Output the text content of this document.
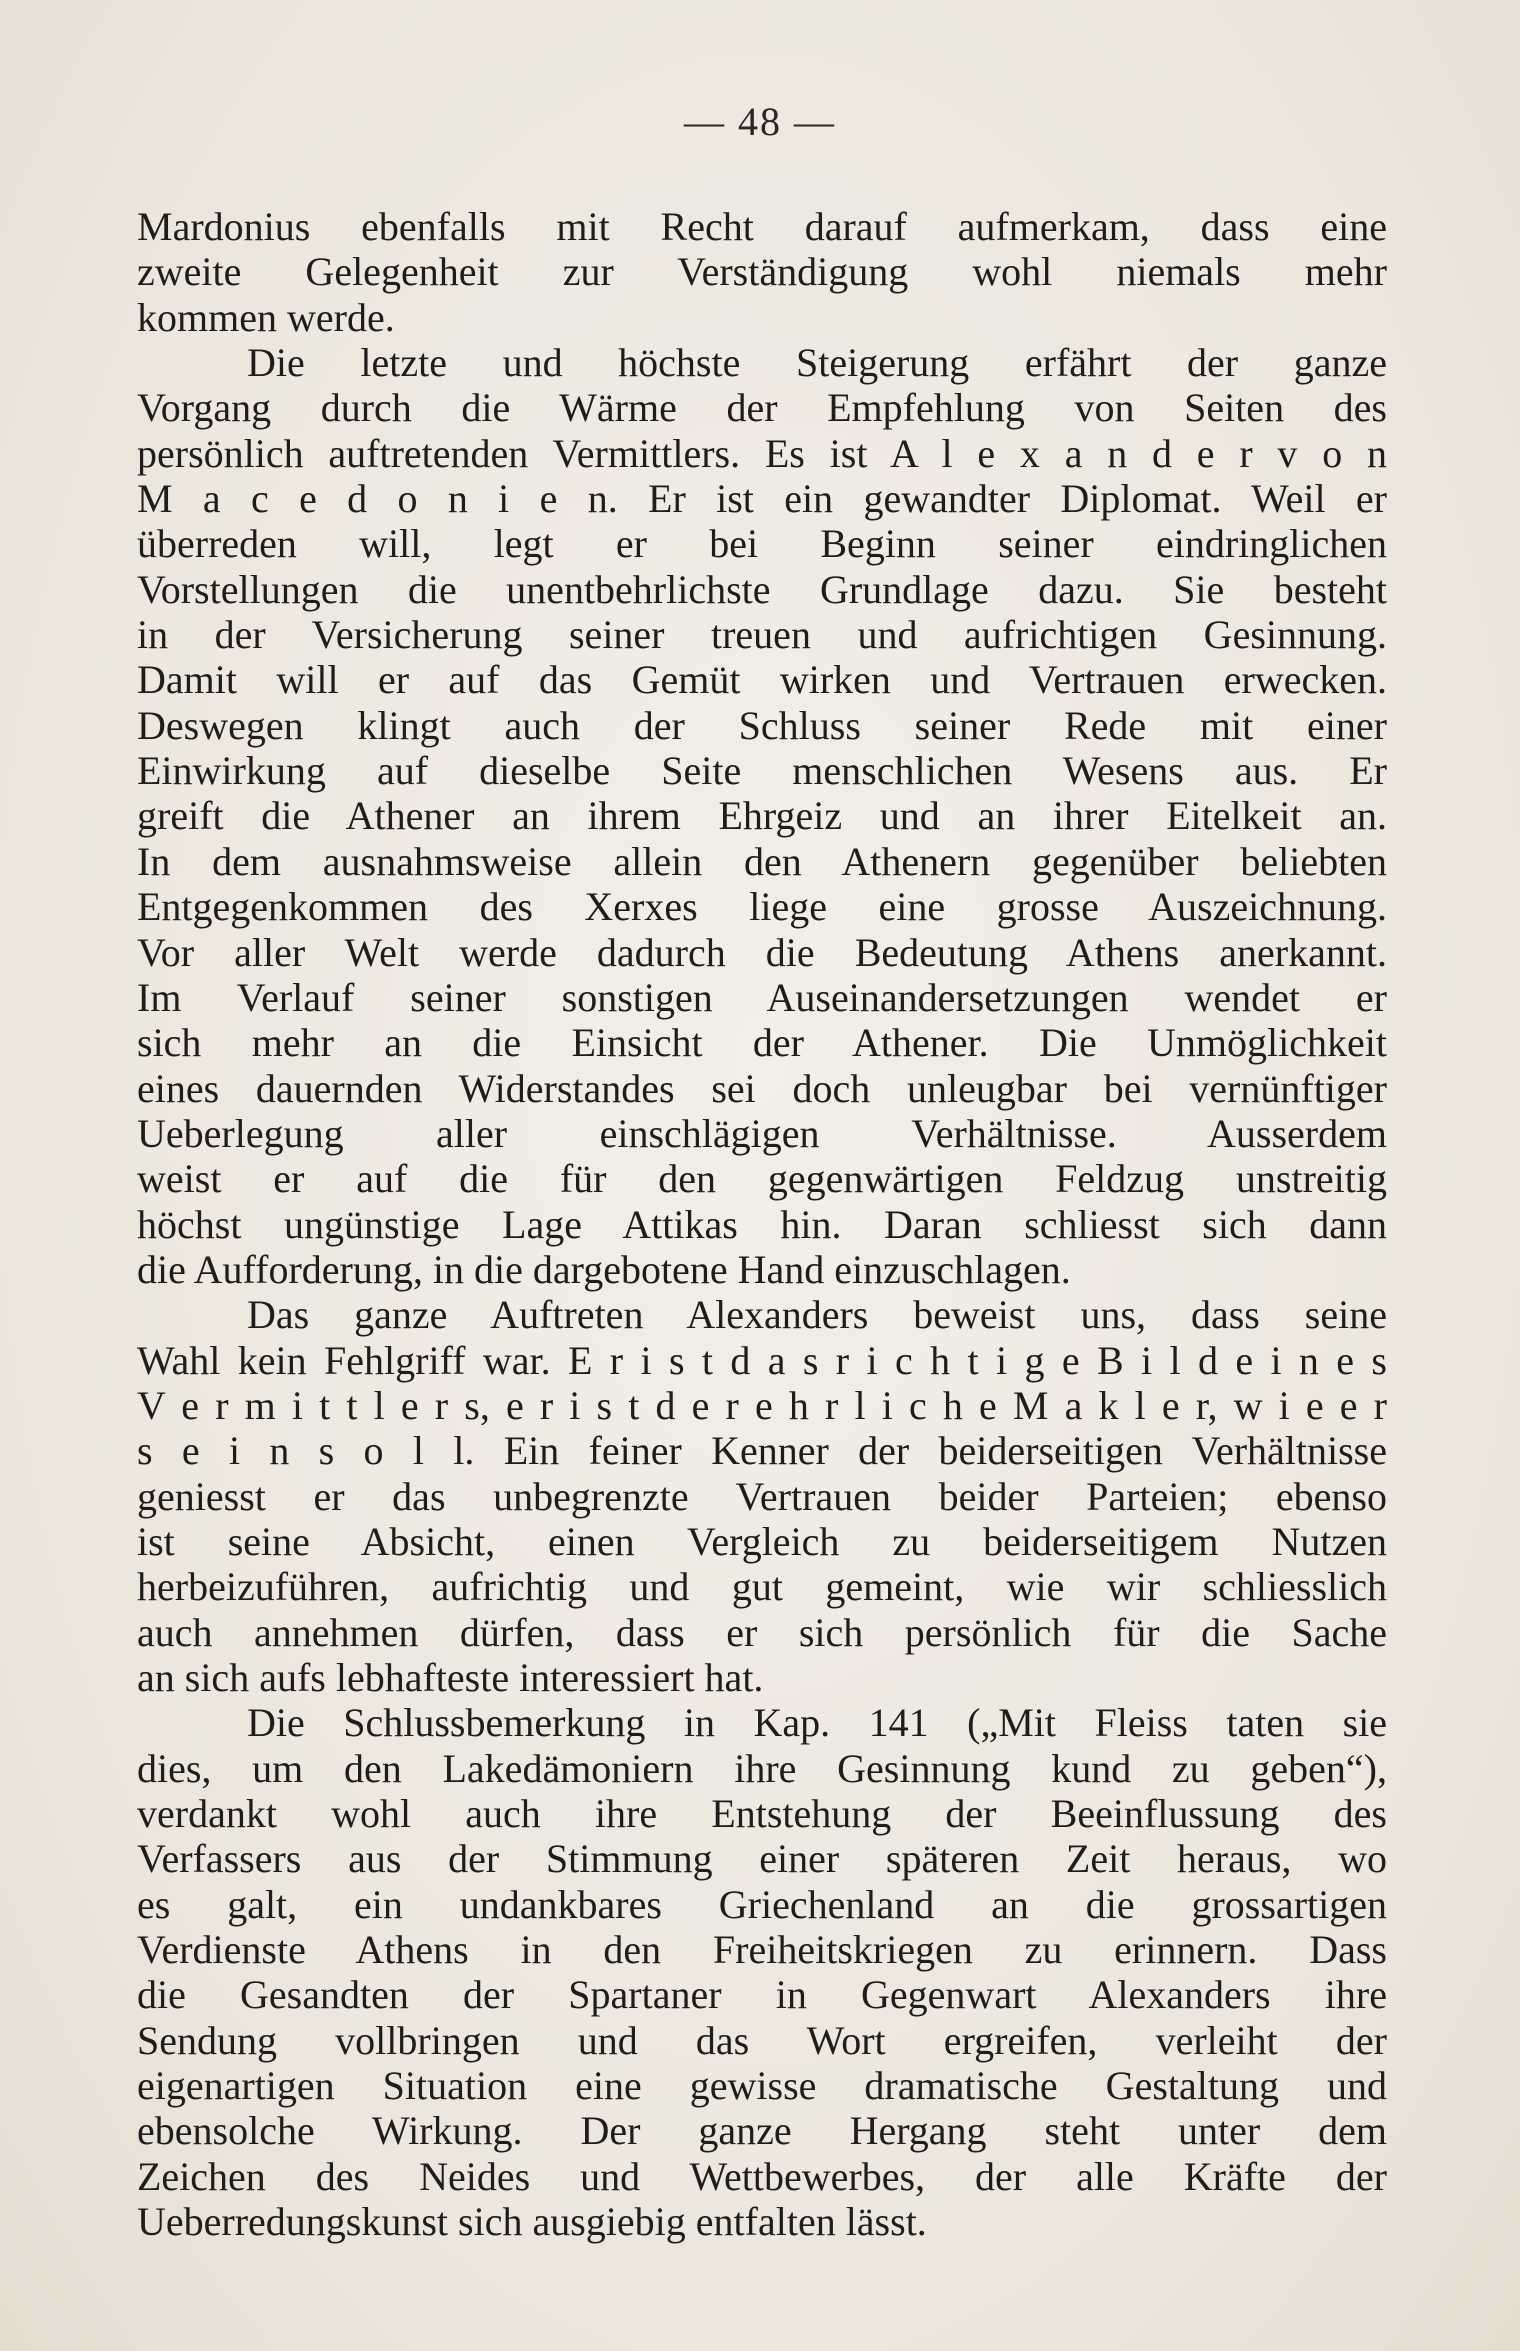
— 48 —
Mardonius ebenfalls mit Recht darauf aufmerkam, dass eine
zweite Gelegenheit zur Verständigung wohl niemals mehr
kommen werde.
Die letzte und höchste Steigerung erfährt der ganze
Vorgang durch die Wärme der Empfehlung von Seiten des
persönlich auftretenden Vermittlers. Es ist A l e x a n d e r v o n
M a c e d o n i e n. Er ist ein gewandter Diplomat. Weil er
überreden will, legt er bei Beginn seiner eindringlichen
Vorstellungen die unentbehrlichste Grundlage dazu. Sie besteht
in der Versicherung seiner treuen und aufrichtigen Gesinnung.
Damit will er auf das Gemüt wirken und Vertrauen erwecken.
Deswegen klingt auch der Schluss seiner Rede mit einer
Einwirkung auf dieselbe Seite menschlichen Wesens aus. Er
greift die Athener an ihrem Ehrgeiz und an ihrer Eitelkeit an.
In dem ausnahmsweise allein den Athenern gegenüber beliebten
Entgegenkommen des Xerxes liege eine grosse Auszeichnung.
Vor aller Welt werde dadurch die Bedeutung Athens anerkannt.
Im Verlauf seiner sonstigen Auseinandersetzungen wendet er
sich mehr an die Einsicht der Athener. Die Unmöglichkeit
eines dauernden Widerstandes sei doch unleugbar bei vernünftiger
Ueberlegung aller einschlägigen Verhältnisse. Ausserdem
weist er auf die für den gegenwärtigen Feldzug unstreitig
höchst ungünstige Lage Attikas hin. Daran schliesst sich dann
die Aufforderung, in die dargebotene Hand einzuschlagen.
Das ganze Auftreten Alexanders beweist uns, dass seine
Wahl kein Fehlgriff war. E r i s t d a s r i c h t i g e B i l d e i n e s
V e r m i t t l e r s, e r i s t d e r e h r l i c h e M a k l e r, w i e e r
s e i n s o l l. Ein feiner Kenner der beiderseitigen Verhältnisse
geniesst er das unbegrenzte Vertrauen beider Parteien; ebenso
ist seine Absicht, einen Vergleich zu beiderseitigem Nutzen
herbeizuführen, aufrichtig und gut gemeint, wie wir schliesslich
auch annehmen dürfen, dass er sich persönlich für die Sache
an sich aufs lebhafteste interessiert hat.
Die Schlussbemerkung in Kap. 141 („Mit Fleiss taten sie
dies, um den Lakedämoniern ihre Gesinnung kund zu geben“),
verdankt wohl auch ihre Entstehung der Beeinflussung des
Verfassers aus der Stimmung einer späteren Zeit heraus, wo
es galt, ein undankbares Griechenland an die grossartigen
Verdienste Athens in den Freiheitskriegen zu erinnern. Dass
die Gesandten der Spartaner in Gegenwart Alexanders ihre
Sendung vollbringen und das Wort ergreifen, verleiht der
eigenartigen Situation eine gewisse dramatische Gestaltung und
ebensolche Wirkung. Der ganze Hergang steht unter dem
Zeichen des Neides und Wettbewerbes, der alle Kräfte der
Ueberredungskunst sich ausgiebig entfalten lässt.
